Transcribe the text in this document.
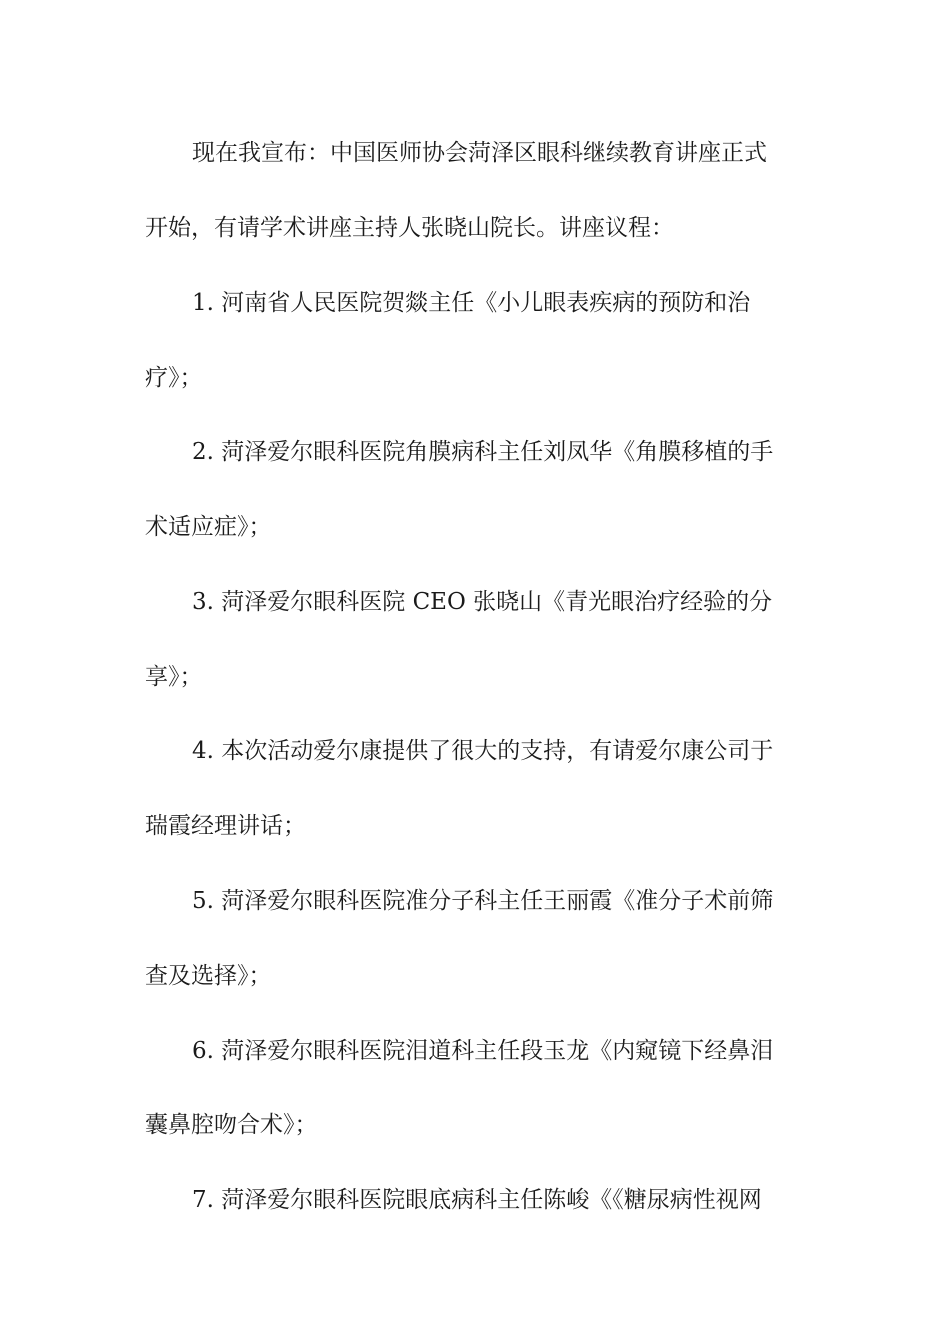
现在我宣布：中国医师协会菏泽区眼科继续教育讲座正式
开始，有请学术讲座主持人张晓山院长。讲座议程：
1. 河南省人民医院贺燚主任《小儿眼表疾病的预防和治
疗》；
2. 菏泽爱尔眼科医院角膜病科主任刘凤华《角膜移植的手
术适应症》；
3. 菏泽爱尔眼科医院 CEO 张晓山《青光眼治疗经验的分
享》；
4. 本次活动爱尔康提供了很大的支持，有请爱尔康公司于
瑞霞经理讲话；
5. 菏泽爱尔眼科医院准分子科主任王丽霞《准分子术前筛
查及选择》；
6. 菏泽爱尔眼科医院泪道科主任段玉龙《内窥镜下经鼻泪
囊鼻腔吻合术》；
7. 菏泽爱尔眼科医院眼底病科主任陈峻《《糖尿病性视网
